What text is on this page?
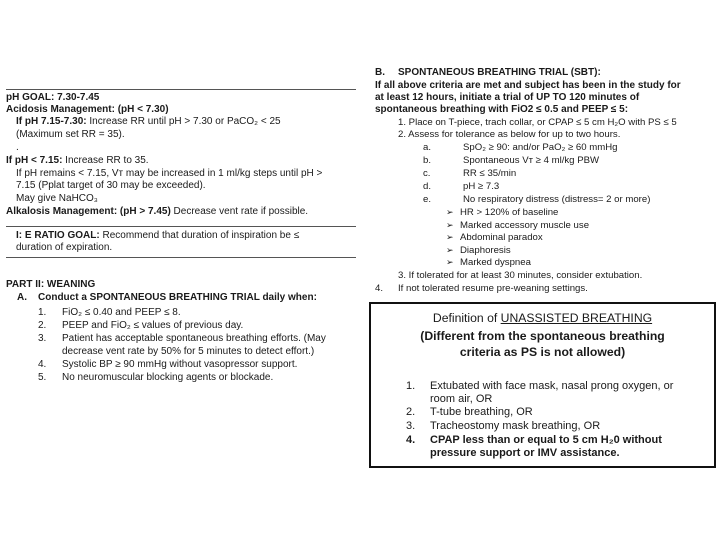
pH GOAL: 7.30-7.45
Acidosis Management: (pH < 7.30)
If pH 7.15-7.30: Increase RR until pH > 7.30 or PaCO₂ < 25
(Maximum set RR = 35).
.
If pH < 7.15: Increase RR to 35.
If pH remains < 7.15, Vᴛ may be increased in 1 ml/kg steps until pH >
7.15 (Pplat target of 30 may be exceeded).
May give NaHCO₃
Alkalosis Management: (pH > 7.45) Decrease vent rate if possible.
I: E RATIO GOAL: Recommend that duration of inspiration be ≤
duration of expiration.
PART II: WEANING
A. Conduct a SPONTANEOUS BREATHING TRIAL daily when:
1. FiO₂ ≤ 0.40 and PEEP ≤ 8.
2. PEEP and FiO₂ ≤ values of previous day.
3. Patient has acceptable spontaneous breathing efforts. (May
decrease vent rate by 50% for 5 minutes to detect effort.)
4. Systolic BP ≥ 90 mmHg without vasopressor support.
5. No neuromuscular blocking agents or blockade.
B. SPONTANEOUS BREATHING TRIAL (SBT):
If all above criteria are met and subject has been in the study for
at least 12 hours, initiate a trial of UP TO 120 minutes of
spontaneous breathing with FiO2 ≤ 0.5 and PEEP ≤ 5:
1. Place on T-piece, trach collar, or CPAP ≤ 5 cm H₂O with PS ≤ 5
2. Assess for tolerance as below for up to two hours.
a.	SpO₂ ≥ 90: and/or PaO₂ ≥ 60 mmHg
b.	Spontaneous Vᴛ ≥ 4 ml/kg PBW
c.	RR ≤ 35/min
d.	pH ≥ 7.3
e.	No respiratory distress (distress= 2 or more)
➢ HR > 120% of baseline
➢ Marked accessory muscle use
➢ Abdominal paradox
➢ Diaphoresis
➢ Marked dyspnea
3. If tolerated for at least 30 minutes, consider extubation.
4. If not tolerated resume pre-weaning settings.
Definition of UNASSISTED BREATHING
(Different from the spontaneous breathing
criteria as PS is not allowed)
1. Extubated with face mask, nasal prong oxygen, or
room air, OR
2. T-tube breathing, OR
3. Tracheostomy mask breathing, OR
4. CPAP less than or equal to 5 cm H₂0 without
pressure support or IMV assistance.
